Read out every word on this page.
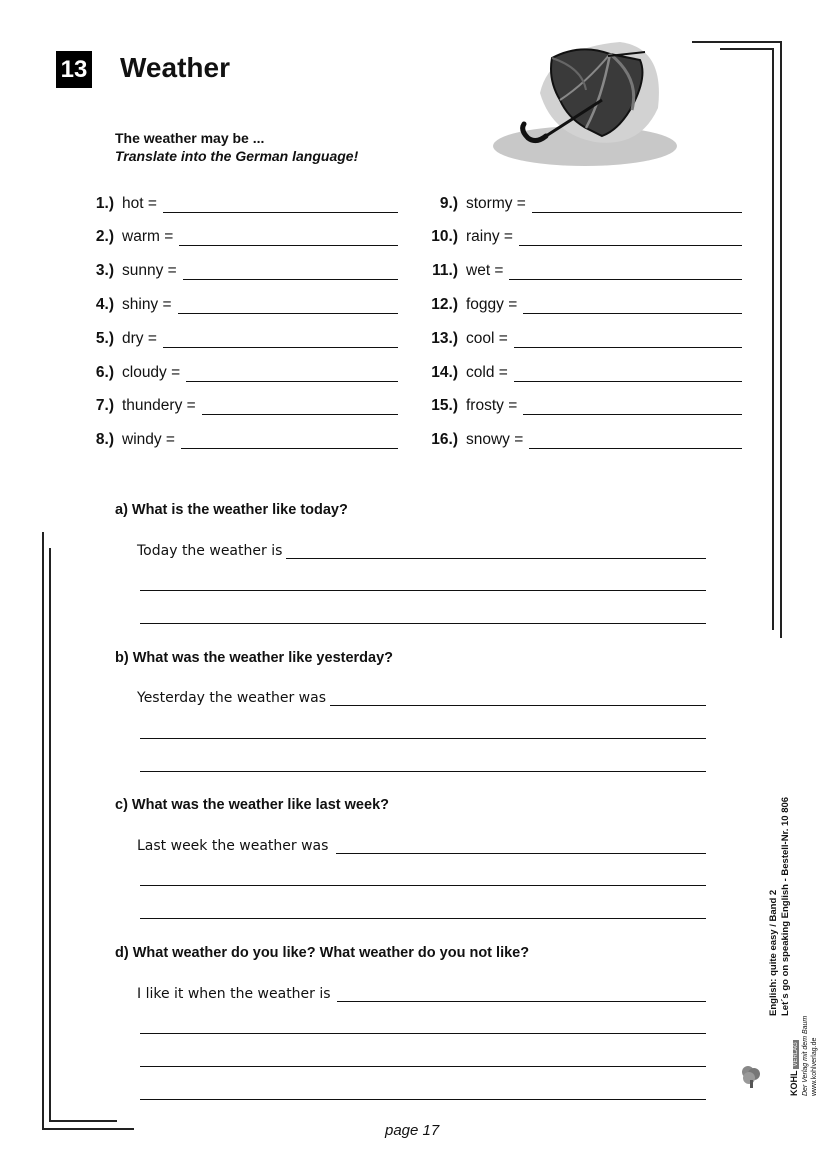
13 Weather
The weather may be ...
Translate into the German language!
1.) hot =
2.) warm =
3.) sunny =
4.) shiny =
5.) dry =
6.) cloudy =
7.) thundery =
8.) windy =
9.) stormy =
10.) rainy =
11.) wet =
12.) foggy =
13.) cool =
14.) cold =
15.) frosty =
16.) snowy =
a) What is the weather like today?
Today the weather is
b) What was the weather like yesterday?
Yesterday the weather was
c) What was the weather like last week?
Last week the weather was
d) What weather do you like? What weather do you not like?
I like it when the weather is
page 17
English: quite easy / Band 2 Let´s go on speaking English - Bestell-Nr. 10 806
KOHL VERLAG Der Verlag mit dem Baum www.kohlverlag.de
